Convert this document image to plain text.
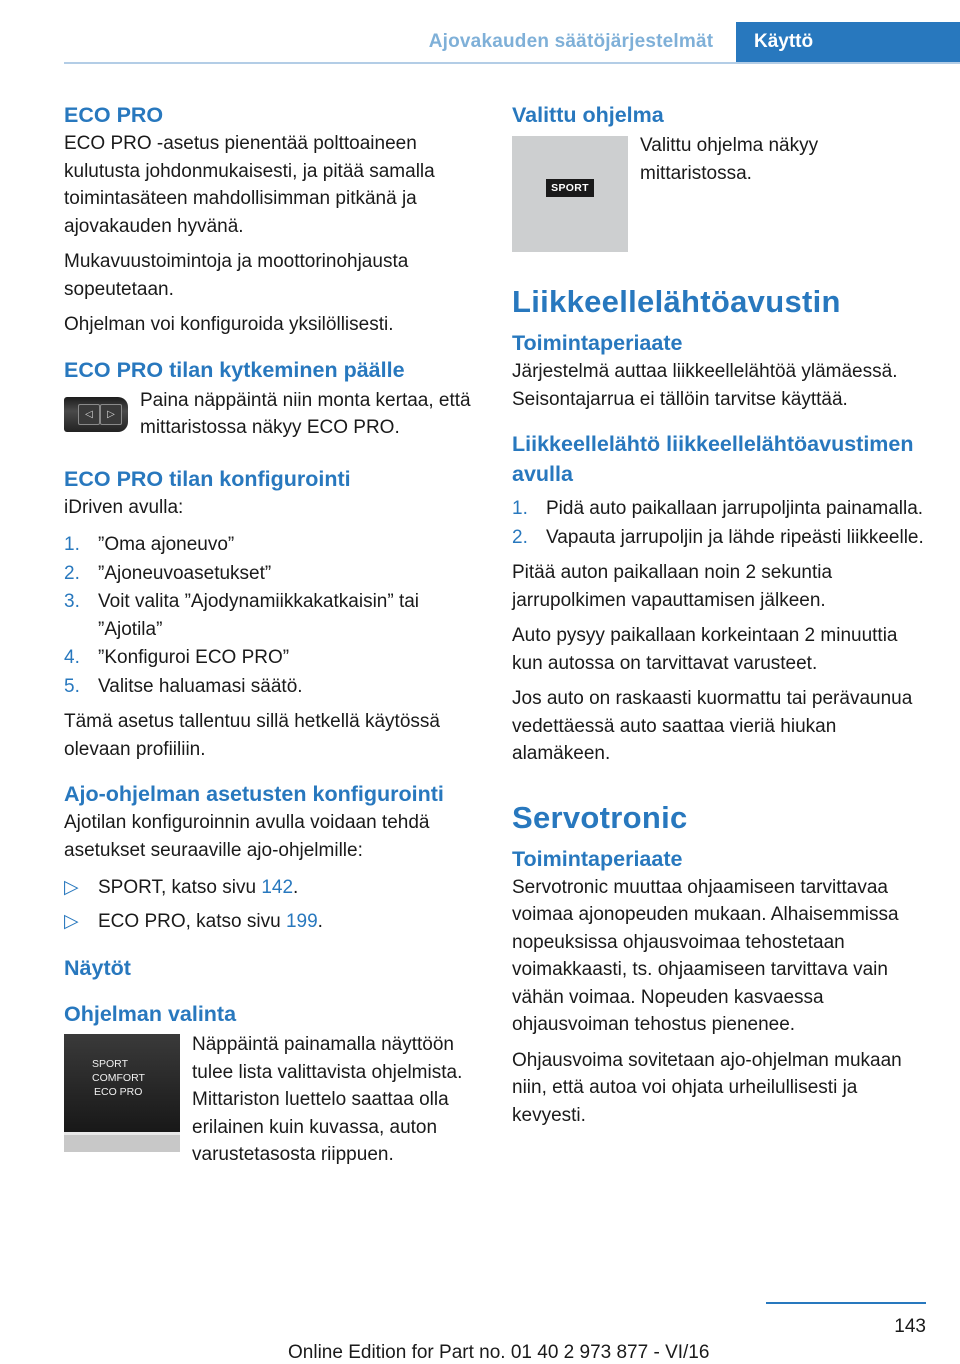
Ajovakauden säätöjärjestelmät	Käyttö
ECO PRO

ECO PRO -asetus pienentää polttoaineen kulutusta johdonmukaisesti, ja pitää samalla toimintasäteen mahdollisimman pitkänä ja ajovakauden hyvänä.

Mukavuustoimintoja ja moottorinohjausta sopeutetaan.

Ohjelman voi konfiguroida yksilöllisesti.

ECO PRO tilan kytkeminen päälle
◁	▷
Paina näppäintä niin monta kertaa, että mittaristossa näkyy ECO PRO.
ECO PRO tilan konfigurointi

iDriven avulla:

1. ”Oma ajoneuvo”
2. ”Ajoneuvoasetukset”
3. Voit valita ”Ajodynamiikkakatkaisin” tai ”Ajotila”
4. ”Konfiguroi ECO PRO”
5. Valitse haluamasi säätö.

Tämä asetus tallentuu sillä hetkellä käytössä olevaan profiiliin.

Ajo-ohjelman asetusten konfigurointi

Ajotilan konfiguroinnin avulla voidaan tehdä asetukset seuraaville ajo-ohjelmille:

▷ SPORT, katso sivu 142.
▷ ECO PRO, katso sivu 199.
Näytöt
Ohjelman valinta
SPORT
COMFORT
ECO PRO
Näppäintä painamalla näyttöön tulee lista valittavista ohjelmista. Mittariston luettelo saattaa olla erilainen kuin kuvassa, auton varustetasosta riippuen.
Valittu ohjelma
SPORT
Valittu ohjelma näkyy mittaristossa.
Liikkeellelähtöavustin
Toimintaperiaate

Järjestelmä auttaa liikkeellelähtöä ylämäessä. Seisontajarrua ei tällöin tarvitse käyttää.

Liikkeellelähtö liikkeellelähtöavustimen avulla
1. Pidä auto paikallaan jarrupoljinta painamalla.
2. Vapauta jarrupoljin ja lähde ripeästi liikkeelle.

Pitää auton paikallaan noin 2 sekuntia jarrupolkimen vapauttamisen jälkeen.

Auto pysyy paikallaan korkeintaan 2 minuuttia kun autossa on tarvittavat varusteet.

Jos auto on raskaasti kuormattu tai perävaunua vedettäessä auto saattaa vieriä hiukan alamäkeen.

Servotronic
Toimintaperiaate

Servotronic muuttaa ohjaamiseen tarvittavaa voimaa ajonopeuden mukaan. Alhaisemmissa nopeuksissa ohjausvoimaa tehostetaan voimakkaasti, ts. ohjaamiseen tarvittava vain vähän voimaa. Nopeuden kasvaessa ohjausvoiman tehostus pienenee.

Ohjausvoima sovitetaan ajo-ohjelman mukaan niin, että autoa voi ohjata urheilullisesti ja kevyesti.

143
Online Edition for Part no. 01 40 2 973 877 - VI/16
